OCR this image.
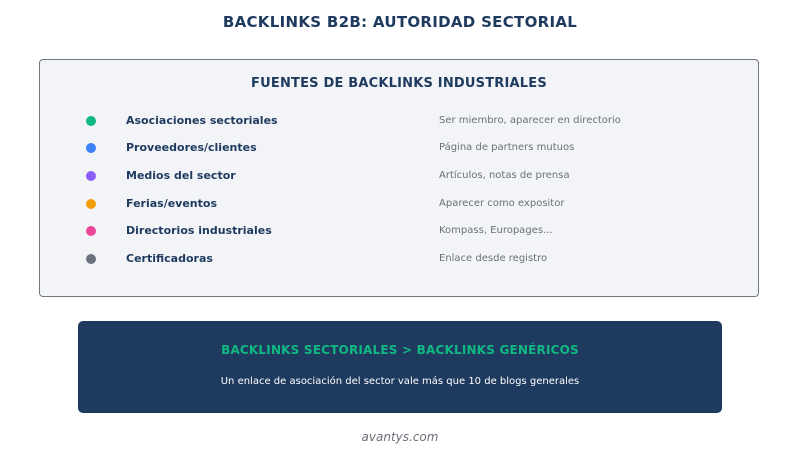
BACKLINKS B2B: AUTORIDAD SECTORIAL
FUENTES DE BACKLINKS INDUSTRIALES
Asociaciones sectoriales	Ser miembro, aparecer en directorio
Proveedores/clientes	Página de partners mutuos
Medios del sector	Artículos, notas de prensa
Ferias/eventos	Aparecer como expositor
Directorios industriales	Kompass, Europages...
Certificadoras	Enlace desde registro
BACKLINKS SECTORIALES > BACKLINKS GENÉRICOS
Un enlace de asociación del sector vale más que 10 de blogs generales
avantys.com
